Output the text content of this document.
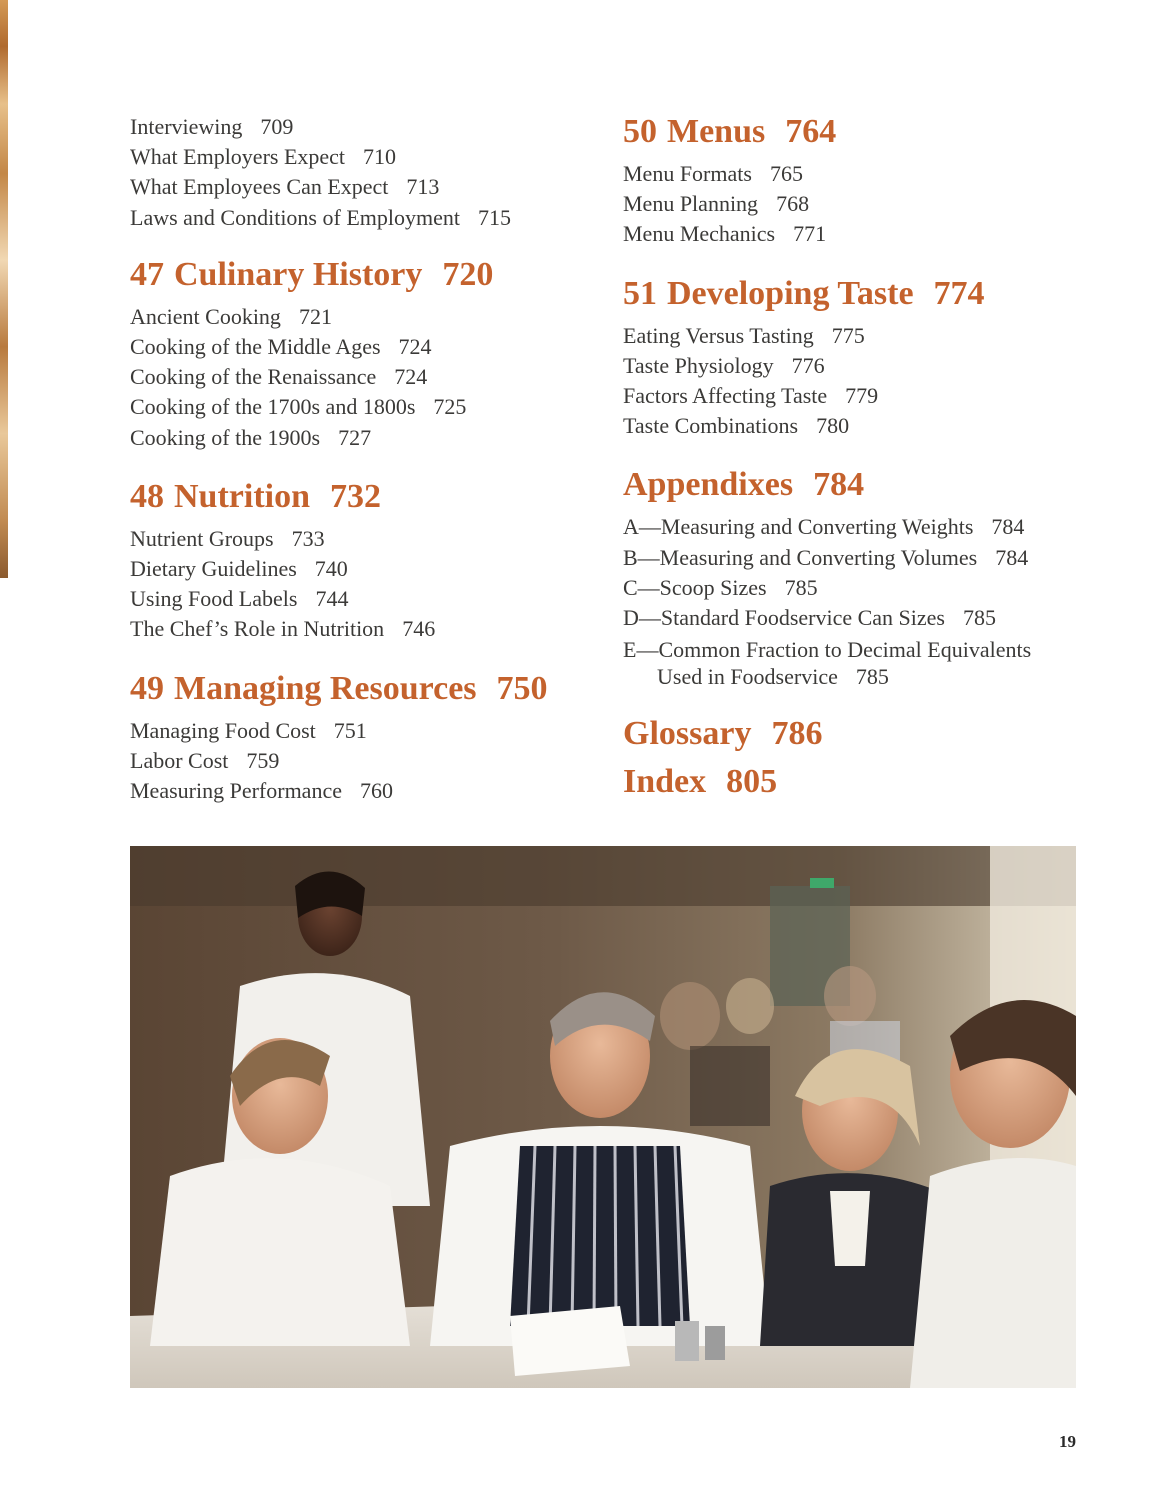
Interviewing 709
What Employers Expect 710
What Employees Can Expect 713
Laws and Conditions of Employment 715
47 Culinary History 720
Ancient Cooking 721
Cooking of the Middle Ages 724
Cooking of the Renaissance 724
Cooking of the 1700s and 1800s 725
Cooking of the 1900s 727
48 Nutrition 732
Nutrient Groups 733
Dietary Guidelines 740
Using Food Labels 744
The Chef’s Role in Nutrition 746
49 Managing Resources 750
Managing Food Cost 751
Labor Cost 759
Measuring Performance 760
50 Menus 764
Menu Formats 765
Menu Planning 768
Menu Mechanics 771
51 Developing Taste 774
Eating Versus Tasting 775
Taste Physiology 776
Factors Affecting Taste 779
Taste Combinations 780
Appendixes 784
A—Measuring and Converting Weights 784
B—Measuring and Converting Volumes 784
C—Scoop Sizes 785
D—Standard Foodservice Can Sizes 785
E—Common Fraction to Decimal Equivalents
Used in Foodservice 785
Glossary 786
Index 805
19
